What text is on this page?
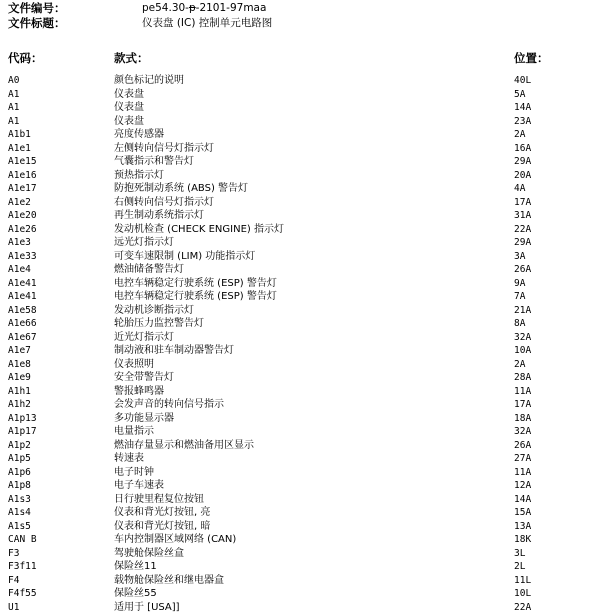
文件编号：	pe54.30-p-2101-97maa
文件标题：	仪表盘 (IC) 控制单元电路图
代码：	款式：	位置：
A0	颜色标记的说明	40L
A1	仪表盘	5A
A1	仪表盘	14A
A1	仪表盘	23A
A1b1	亮度传感器	2A
A1e1	左侧转向信号灯指示灯	16A
A1e15	气囊指示和警告灯	29A
A1e16	预热指示灯	20A
A1e17	防抱死制动系统 (ABS) 警告灯	4A
A1e2	右侧转向信号灯指示灯	17A
A1e20	再生制动系统指示灯	31A
A1e26	发动机检查 (CHECK ENGINE) 指示灯	22A
A1e3	远光灯指示灯	29A
A1e33	可变车速限制 (LIM) 功能指示灯	3A
A1e4	燃油储备警告灯	26A
A1e41	电控车辆稳定行驶系统 (ESP) 警告灯	9A
A1e41	电控车辆稳定行驶系统 (ESP) 警告灯	7A
A1e58	发动机诊断指示灯	21A
A1e66	轮胎压力监控警告灯	8A
A1e67	近光灯指示灯	32A
A1e7	制动液和驻车制动器警告灯	10A
A1e8	仪表照明	2A
A1e9	安全带警告灯	28A
A1h1	警报蜂鸣器	11A
A1h2	会发声音的转向信号指示	17A
A1p13	多功能显示器	18A
A1p17	电量指示	32A
A1p2	燃油存量显示和燃油备用区显示	26A
A1p5	转速表	27A
A1p6	电子时钟	11A
A1p8	电子车速表	12A
A1s3	日行驶里程复位按钮	14A
A1s4	仪表和背光灯按钮, 亮	15A
A1s5	仪表和背光灯按钮, 暗	13A
CAN B	车内控制器区域网络 (CAN)	18K
F3	驾驶舱保险丝盒	3L
F3f11	保险丝11	2L
F4	载物舱保险丝和继电器盒	11L
F4f55	保险丝55	10L
U1	适用于 [USA]]	22A
